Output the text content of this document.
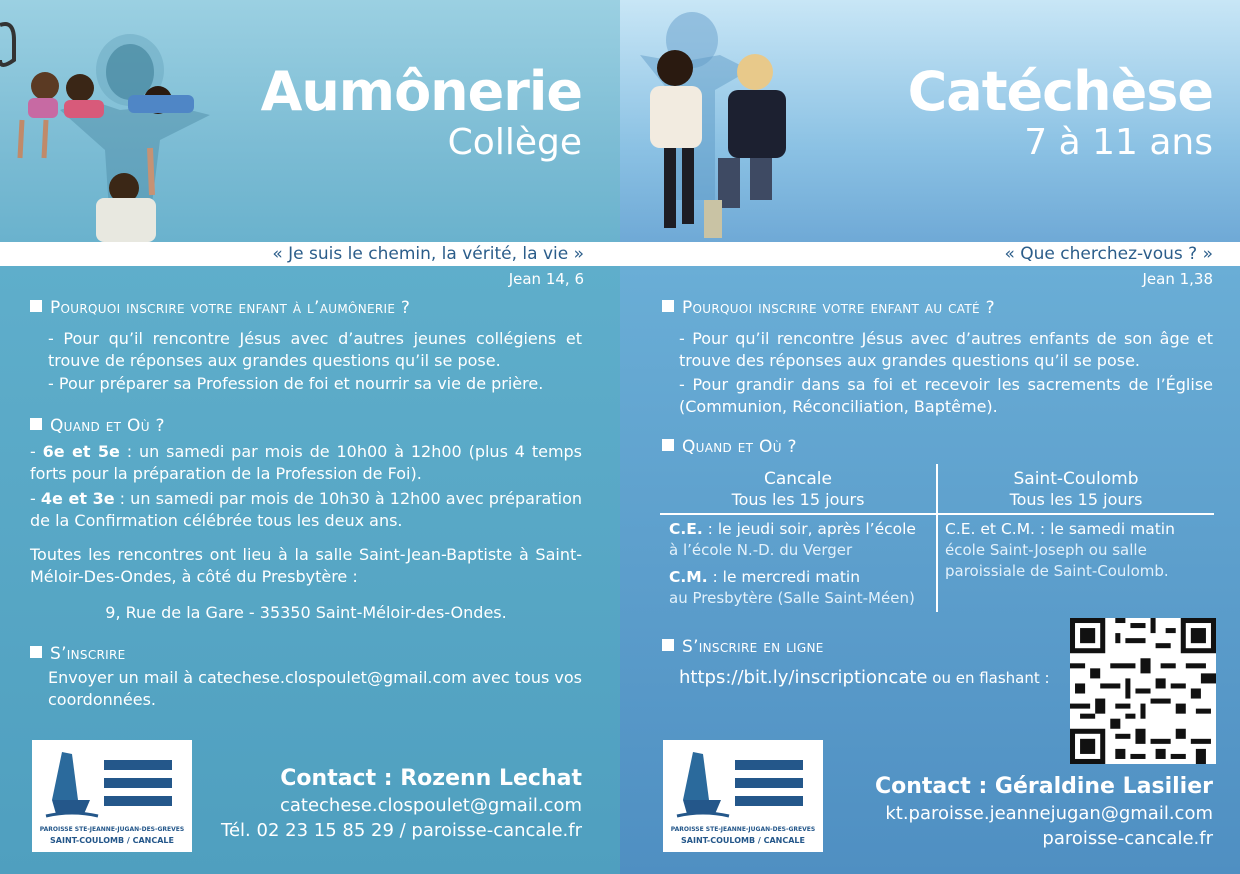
Aumônerie
Collège
« Je suis le chemin, la vérité, la vie »
Jean 14, 6
Pourquoi inscrire votre enfant à l’aumônerie ?
- Pour qu’il rencontre Jésus avec d’autres jeunes collégiens et trouve de réponses aux grandes questions qu’il se pose.
- Pour préparer sa Profession de foi et nourrir sa vie de prière.
Quand et Où ?
- 6e et 5e : un samedi par mois de 10h00 à 12h00 (plus 4 temps forts pour la préparation de la Profession de Foi).
- 4e et 3e : un samedi par mois de 10h30 à 12h00 avec préparation de la Confirmation célébrée tous les deux ans.
Toutes les rencontres ont lieu à la salle Saint-Jean-Baptiste à Saint-Méloir-Des-Ondes, à côté du Presbytère :
9, Rue de la Gare - 35350 Saint-Méloir-des-Ondes.
S’inscrire
Envoyer un mail à catechese.clospoulet@gmail.com avec tous vos coordonnées.
PAROISSE STE-JEANNE-JUGAN-DES-GREVES
SAINT-COULOMB / CANCALE
Contact : Rozenn Lechat
catechese.clospoulet@gmail.com
Tél. 02 23 15 85 29 / paroisse-cancale.fr
Catéchèse
7 à 11 ans
« Que cherchez-vous ? »
Jean 1,38
Pourquoi inscrire votre enfant au caté ?
- Pour qu’il rencontre Jésus avec d’autres enfants de son âge et trouve des réponses aux grandes questions qu’il se pose.
- Pour grandir dans sa foi et recevoir les sacrements de l’Église (Communion, Réconciliation, Baptême).
Quand et Où ?
Cancale
Tous les 15 jours
Saint-Coulomb
Tous les 15 jours
C.E. : le jeudi soir, après l’école
à l’école N.-D. du Verger
C.M. : le mercredi matin
au Presbytère (Salle Saint-Méen)
C.E. et C.M. : le samedi matin
école Saint-Joseph ou salle paroissiale de Saint-Coulomb.
S’inscrire en ligne
https://bit.ly/inscriptioncate ou en flashant :
PAROISSE STE-JEANNE-JUGAN-DES-GREVES
SAINT-COULOMB / CANCALE
Contact : Géraldine Lasilier
kt.paroisse.jeannejugan@gmail.com
paroisse-cancale.fr
